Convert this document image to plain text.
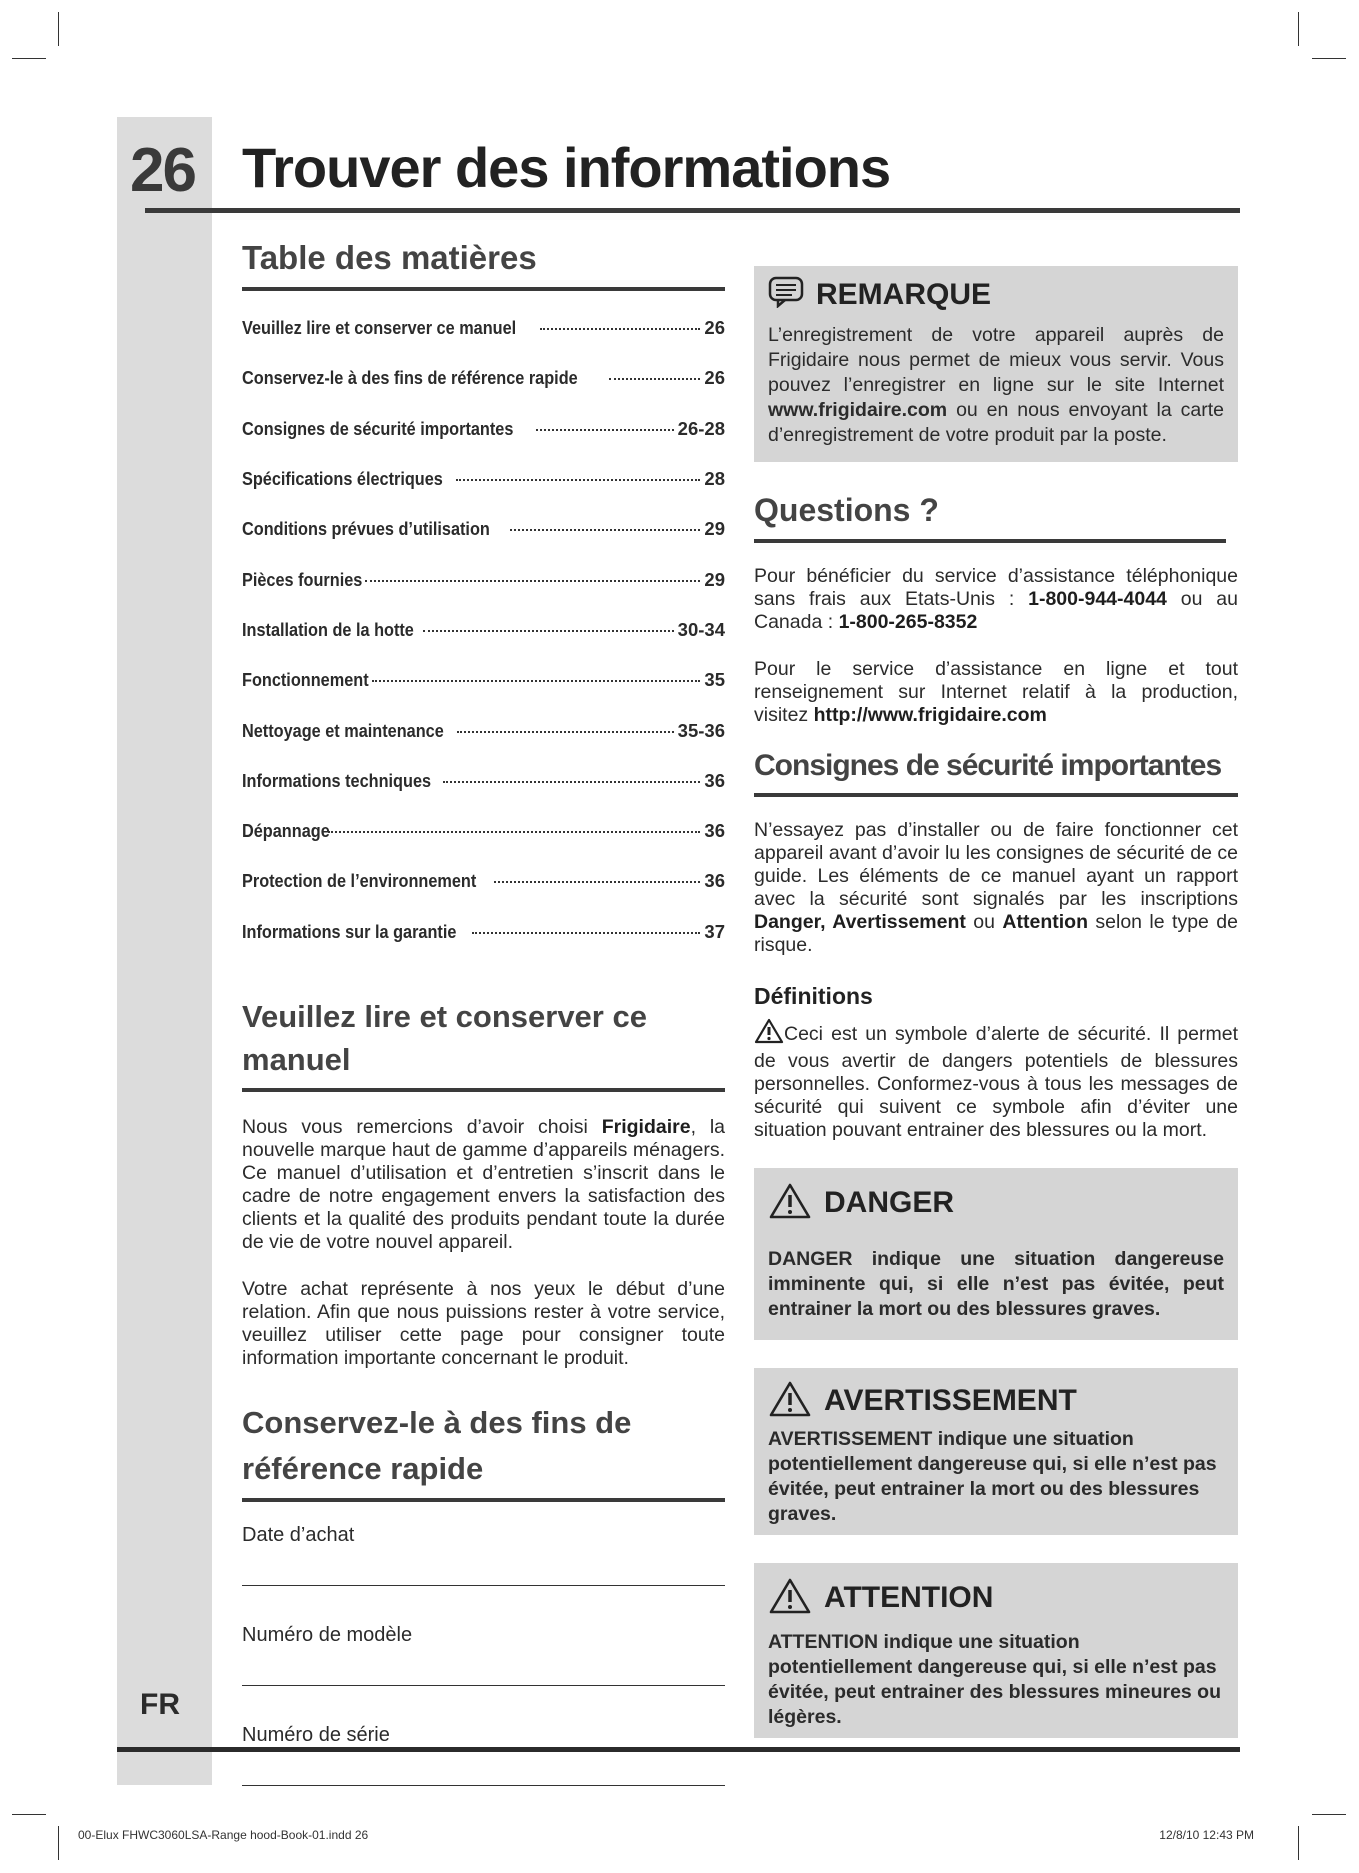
26 Trouver des informations
FR
Table des matières
Veuillez lire et conserver ce manuel	26
Conservez-le à des fins de référence rapide	26
Consignes de sécurité importantes	26-28
Spécifications électriques	28
Conditions prévues d’utilisation	29
Pièces fournies	29
Installation de la hotte	30-34
Fonctionnement	35
Nettoyage et maintenance	35-36
Informations techniques	36
Dépannage	36
Protection de l’environnement	36
Informations sur la garantie	37
Veuillez lire et conserver ce manuel

Nous vous remercions d’avoir choisi Frigidaire, la nouvelle marque haut de gamme d’appareils ménagers. Ce manuel d’utilisation et d’entretien s’inscrit dans le cadre de notre engagement envers la satisfaction des clients et la qualité des produits pendant toute la durée de vie de votre nouvel appareil.

Votre achat représente à nos yeux le début d’une relation. Afin que nous puissions rester à votre service, veuillez utiliser cette page pour consigner toute information importante concernant le produit.

Conservez-le à des fins de
référence rapide
Date d’achat
Numéro de modèle
Numéro de série
REMARQUE

L’enregistrement de votre appareil auprès de Frigidaire nous permet de mieux vous servir. Vous pouvez l’enregistrer en ligne sur le site Internet www.frigidaire.com ou en nous envoyant la carte d’enregistrement de votre produit par la poste.

Questions ?

Pour bénéficier du service d’assistance téléphonique sans frais aux Etats-Unis : 1-800-944-4044 ou au Canada : 1-800-265-8352

Pour le service d’assistance en ligne et tout renseignement sur Internet relatif à la production, visitez http://www.frigidaire.com

Consignes de sécurité importantes

N’essayez pas d’installer ou de faire fonctionner cet appareil avant d’avoir lu les consignes de sécurité de ce guide. Les éléments de ce manuel ayant un rapport avec la sécurité sont signalés par les inscriptions Danger, Avertissement ou Attention selon le type de risque.

Définitions

Ceci est un symbole d’alerte de sécurité. Il permet de vous avertir de dangers potentiels de blessures personnelles. Conformez-vous à tous les messages de sécurité qui suivent ce symbole afin d’éviter une situation pouvant entrainer des blessures ou la mort.

DANGER

DANGER indique une situation dangereuse imminente qui, si elle n’est pas évitée, peut entrainer la mort ou des blessures graves.

AVERTISSEMENT

AVERTISSEMENT indique une situation potentiellement dangereuse qui, si elle n’est pas évitée, peut entrainer la mort ou des blessures graves.

ATTENTION

ATTENTION indique une situation potentiellement dangereuse qui, si elle n’est pas évitée, peut entrainer des blessures mineures ou légères.

00-Elux FHWC3060LSA-Range hood-Book-01.indd 26	12/8/10 12:43 PM
